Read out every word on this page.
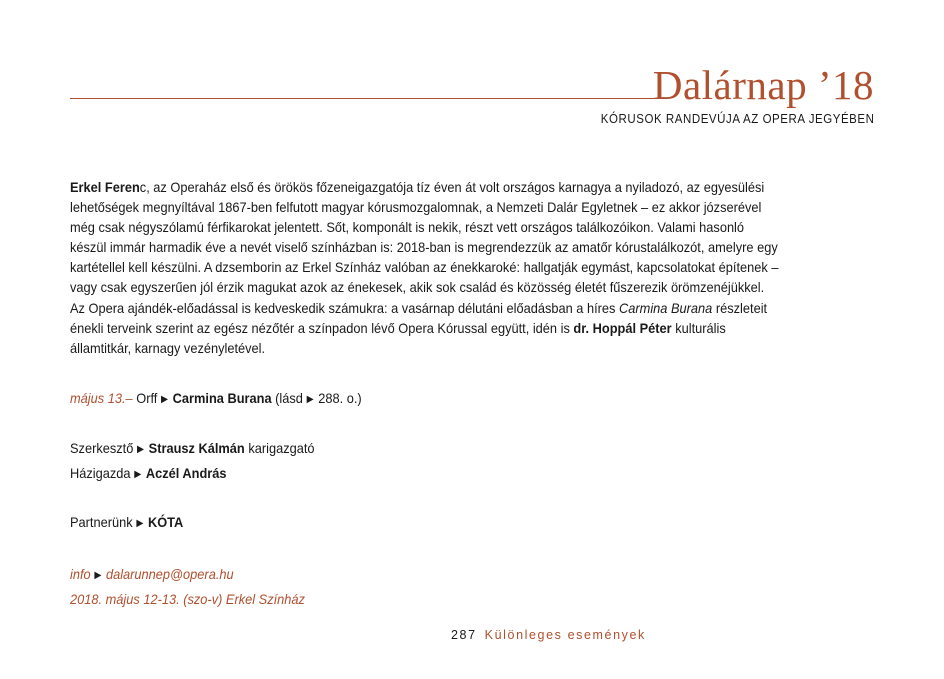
Dalárnap ’18
KÓRUSOK RANDEVÚJA AZ OPERA JEGYÉBEN

Erkel Ferenc, az Operaház első és örökös főzeneigazgatója tíz éven át volt országos karnagya a nyiladozó, az egyesülési
lehetőségek megnyíltával 1867-ben felfutott magyar kórusmozgalomnak, a Nemzeti Dalár Egyletnek – ez akkor józserével
még csak négyszólamú férfikarokat jelentett. Sőt, komponált is nekik, részt vett országos találkozóikon. Valami hasonló
készül immár harmadik éve a nevét viselő színházban is: 2018-ban is megrendezzük az amatőr kórustalálkozót, amelyre egy
kartétellel kell készülni. A dzsemborin az Erkel Színház valóban az énekkaroké: hallgatják egymást, kapcsolatokat építenek –
vagy csak egyszerűen jól érzik magukat azok az énekesek, akik sok család és közösség életét fűszerezik örömzenéjükkel.
Az Opera ajándék-előadással is kedveskedik számukra: a vasárnap délutáni előadásban a híres Carmina Burana részleteit
énekli terveink szerint az egész nézőtér a színpadon lévő Opera Kórussal együtt, idén is dr. Hoppál Péter kulturális
államtitkár, karnagy vezényletével.

május 13.– Orff ▶ Carmina Burana (lásd ▶ 288. o.)
Szerkesztő ▶ Strausz Kálmán karigazgató
Házigazda ▶ Aczél András
Partnerünk ▶ KÓTA
info ▶ dalarunnep@opera.hu
2018. május 12-13. (szo-v) Erkel Színház
287 Különleges események
